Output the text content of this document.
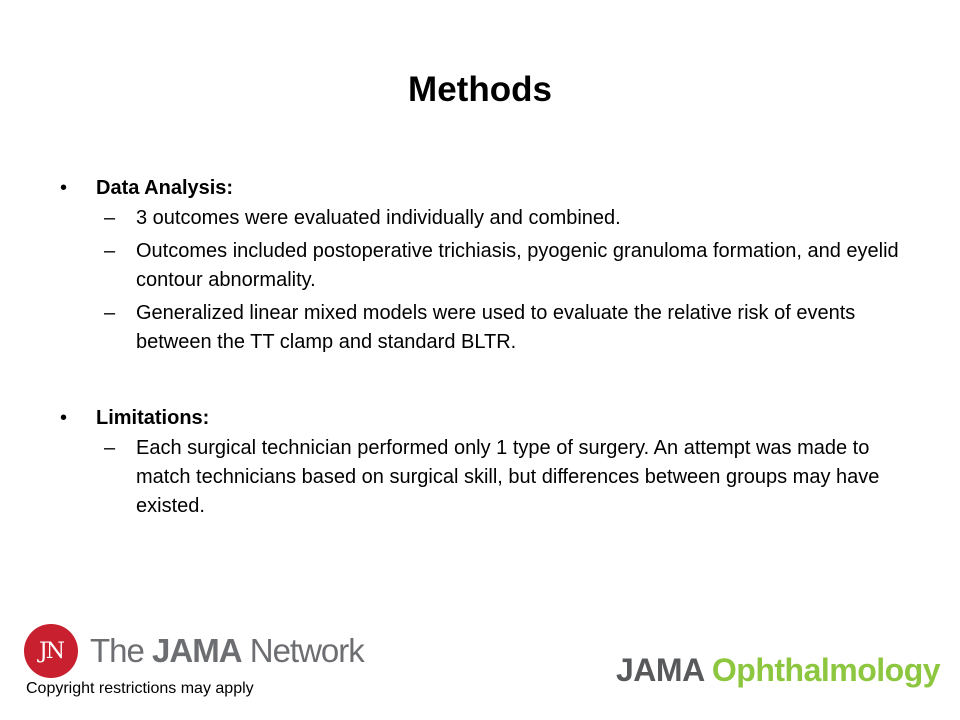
Methods
•	Data Analysis:
–	3 outcomes were evaluated individually and combined.
–	Outcomes included postoperative trichiasis, pyogenic granuloma formation, and eyelid contour abnormality.
–	Generalized linear mixed models were used to evaluate the relative risk of events between the TT clamp and standard BLTR.
•	Limitations:
–	Each surgical technician performed only 1 type of surgery. An attempt was made to match technicians based on surgical skill, but differences between groups may have existed.
JN The JAMA Network
Copyright restrictions may apply
JAMA Ophthalmology
